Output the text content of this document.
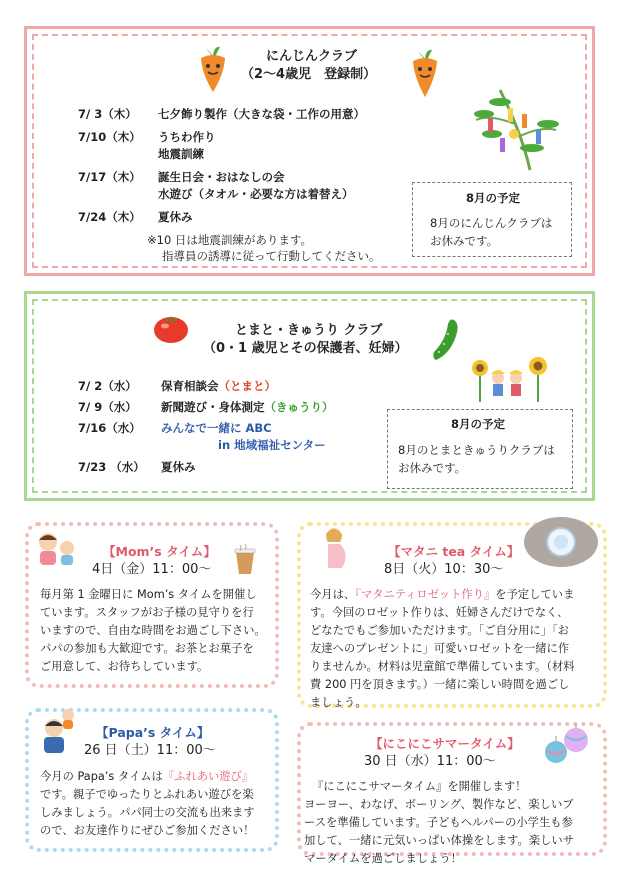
にんじんクラブ
（2～4歳児　登録制）
7/ 3（木） 七夕飾り製作（大きな袋・工作の用意）
7/10（木） うちわ作り
地震訓練
7/17（木） 誕生日会・おはなしの会
水遊び（タオル・必要な方は着替え）
7/24（木） 夏休み
※10 日は地震訓練があります。
指導員の誘導に従って行動してください。
8月の予定
8月のにんじんクラブは
お休みです。
とまと・きゅうり クラブ
（0・1 歳児とその保護者、妊婦）
7/ 2（水） 保育相談会（とまと）
7/ 9（水） 新聞遊び・身体測定（きゅうり）
7/16（水） みんなで一緒に ABC
in 地域福祉センター
7/23 （水） 夏休み
8月の予定
8月のとまときゅうりクラブは
お休みです。
【Mom’s タイム】
4日（金）11：00～
毎月第 1 金曜日に Mom’s タイムを開催し
ています。スタッフがお子様の見守りを行
いますので、自由な時間をお過ごし下さい。
パパの参加も大歓迎です。お茶とお菓子を
ご用意して、お待ちしています。
【マタニ tea タイム】
8日（火）10：30～
今月は、『マタニティロゼット作り』を予定していま
す。今回のロゼット作りは、妊婦さんだけでなく、
どなたでもご参加いただけます。「ご自分用に」「お
友達へのプレゼントに」可愛いロゼットを一緒に作
りませんか。材料は児童館で準備しています。（材料
費 200 円を頂きます。）一緒に楽しい時間を過ごし
ましょう。
【Papa’s タイム】
26 日（土）11：00～
今月の Papa’s タイムは『ふれあい遊び』
です。親子でゆったりとふれあい遊びを楽
しみましょう。パパ同士の交流も出来ます
ので、お友達作りにぜひご参加ください！
【にこにこサマータイム】
30 日（水）11：00～
『にこにこサマータイム』を開催します！
ヨーヨー、わなげ、ボーリング、製作など、楽しいブ
ースを準備しています。子どもヘルパーの小学生も参
加して、一緒に元気いっぱい体操をします。楽しいサ
マータイムを過ごしましょう！
